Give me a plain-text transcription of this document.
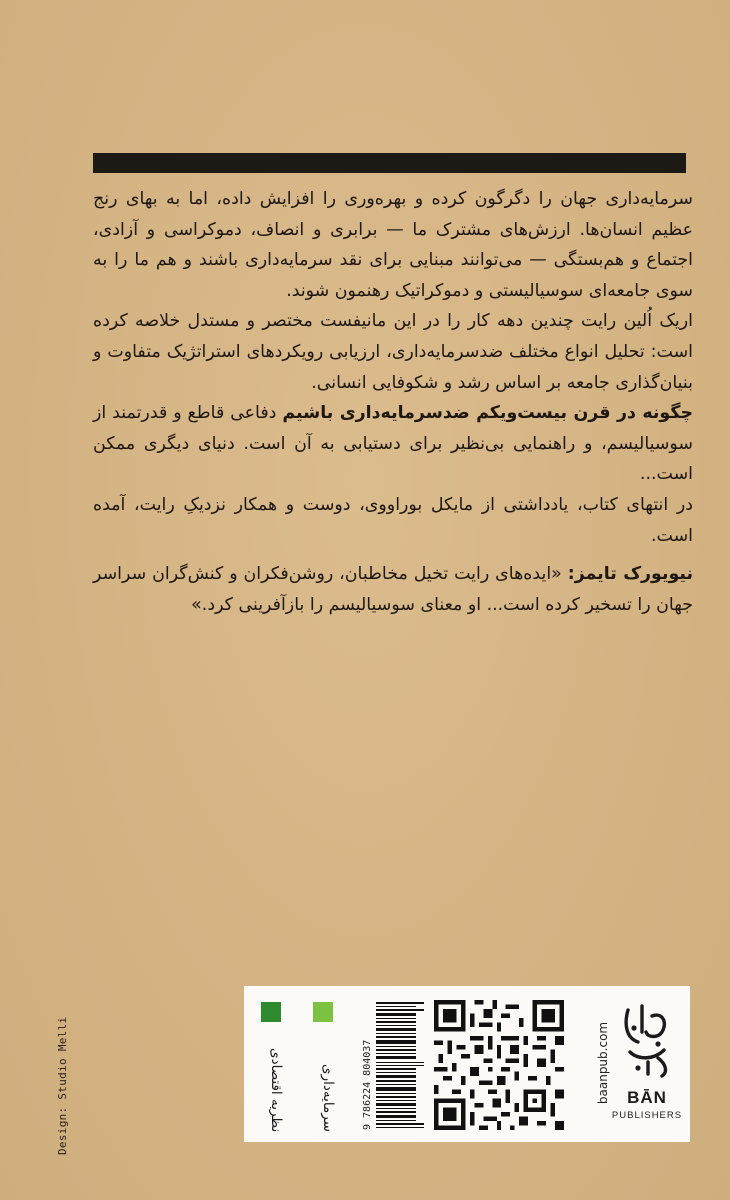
سرمایه‌داری جهان را دگرگون کرده و بهره‌وری را افزایش داده، اما به بهای رنج عظیم انسان‌ها. ارزش‌های مشترک ما — برابری و انصاف، دموکراسی و آزادی، اجتماع و هم‌بستگی — می‌توانند مبنایی برای نقد سرمایه‌داری باشند و هم ما را به سوی جامعه‌ای سوسیالیستی و دموکراتیک رهنمون شوند.

اریک اُلین رایت چندین دهه کار را در این مانیفست مختصر و مستدل خلاصه کرده است: تحلیل انواع مختلف ضدسرمایه‌داری، ارزیابی رویکردهای استراتژیک متفاوت و بنیان‌گذاری جامعه بر اساس رشد و شکوفایی انسانی.

چگونه در قرن بیست‌ویکم ضدسرمایه‌داری باشیم دفاعی قاطع و قدرتمند از سوسیالیسم، و راهنمایی بی‌نظیر برای دستیابی به آن است. دنیای دیگری ممکن است...

در انتهای کتاب، یادداشتی از مایکل بوراووی، دوست و همکار نزدیکِ رایت، آمده است.

نیویورک تایمز: «ایده‌های رایت تخیل مخاطبان، روشن‌فکران و کنش‌گران سراسر جهان را تسخیر کرده است... او معنای سوسیالیسم را بازآفرینی کرد.»

Design: Studio Melli	نظریه اقتصادی	سرمایه‌داری	9 786224 804037	baanpub.com	BĀN
PUBLISHERS
